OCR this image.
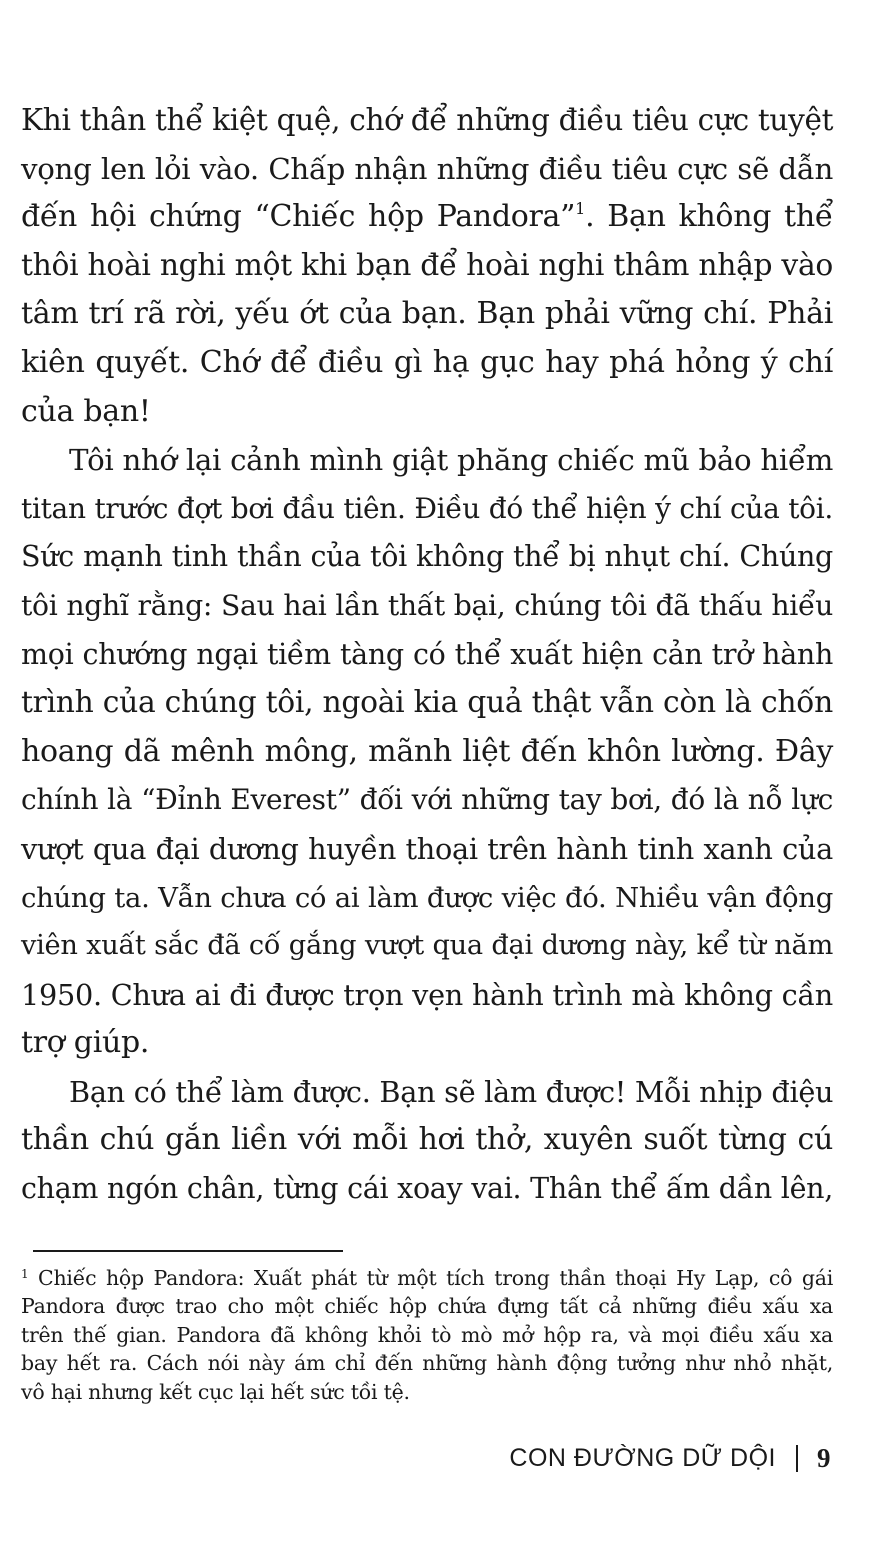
Khi thân thể kiệt quệ, chớ để những điều tiêu cực tuyệt
vọng len lỏi vào. Chấp nhận những điều tiêu cực sẽ dẫn
đến hội chứng “Chiếc hộp Pandora”$^1$. Bạn không thể
thôi hoài nghi một khi bạn để hoài nghi thâm nhập vào
tâm trí rã rời, yếu ớt của bạn. Bạn phải vững chí. Phải
kiên quyết. Chớ để điều gì hạ gục hay phá hỏng ý chí
của bạn!
Tôi nhớ lại cảnh mình giật phăng chiếc mũ bảo hiểm
titan trước đợt bơi đầu tiên. Điều đó thể hiện ý chí của tôi.
Sức mạnh tinh thần của tôi không thể bị nhụt chí. Chúng
tôi nghĩ rằng: Sau hai lần thất bại, chúng tôi đã thấu hiểu
mọi chướng ngại tiềm tàng có thể xuất hiện cản trở hành
trình của chúng tôi, ngoài kia quả thật vẫn còn là chốn
hoang dã mênh mông, mãnh liệt đến khôn lường. Đây
chính là “Đỉnh Everest” đối với những tay bơi, đó là nỗ lực
vượt qua đại dương huyền thoại trên hành tinh xanh của
chúng ta. Vẫn chưa có ai làm được việc đó. Nhiều vận động
viên xuất sắc đã cố gắng vượt qua đại dương này, kể từ năm
1950. Chưa ai đi được trọn vẹn hành trình mà không cần
trợ giúp.
Bạn có thể làm được. Bạn sẽ làm được! Mỗi nhịp điệu
thần chú gắn liền với mỗi hơi thở, xuyên suốt từng cú
chạm ngón chân, từng cái xoay vai. Thân thể ấm dần lên,
$^1$ Chiếc hộp Pandora: Xuất phát từ một tích trong thần thoại Hy Lạp, cô gái
Pandora được trao cho một chiếc hộp chứa đựng tất cả những điều xấu xa
trên thế gian. Pandora đã không khỏi tò mò mở hộp ra, và mọi điều xấu xa
bay hết ra. Cách nói này ám chỉ đến những hành động tưởng như nhỏ nhặt,
vô hại nhưng kết cục lại hết sức tồi tệ.
CON ĐƯỜNG DỮ DỘI 9
